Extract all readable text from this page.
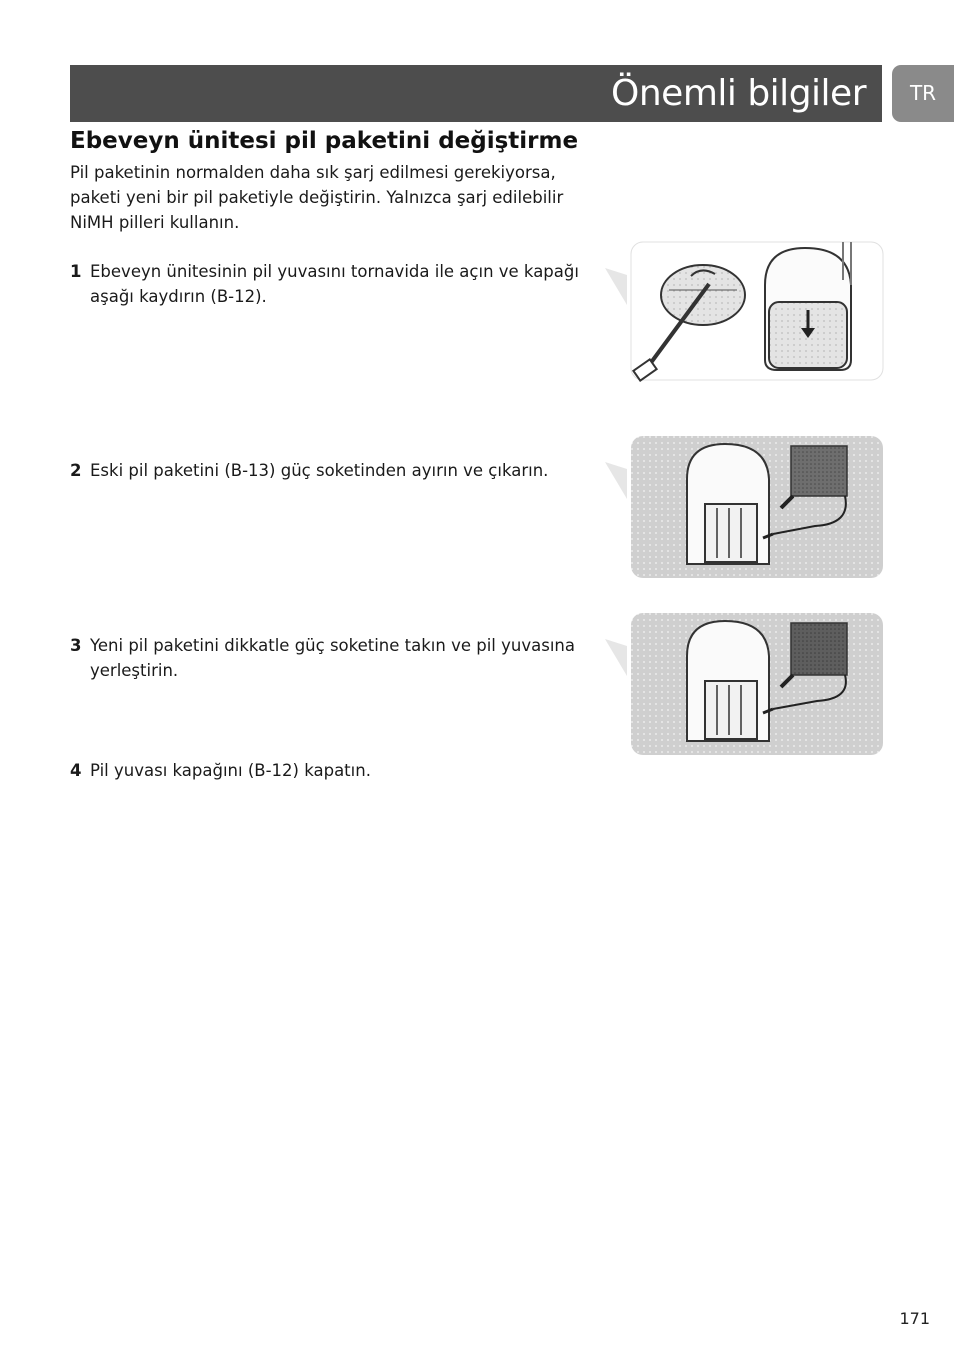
Önemli bilgiler	TR
Ebeveyn ünitesi pil paketini değiştirme

Pil paketinin normalden daha sık şarj edilmesi gerekiyorsa, paketi yeni bir pil paketiyle değiştirin. Yalnızca şarj edilebilir NiMH pilleri kullanın.

1 Ebeveyn ünitesinin pil yuvasını tornavida ile açın ve kapağı aşağı kaydırın (B-12).
2 Eski pil paketini (B-13) güç soketinden ayırın ve çıkarın.
3 Yeni pil paketini dikkatle güç soketine takın ve pil yuvasına yerleştirin.
4 Pil yuvası kapağını (B-12) kapatın.
171
